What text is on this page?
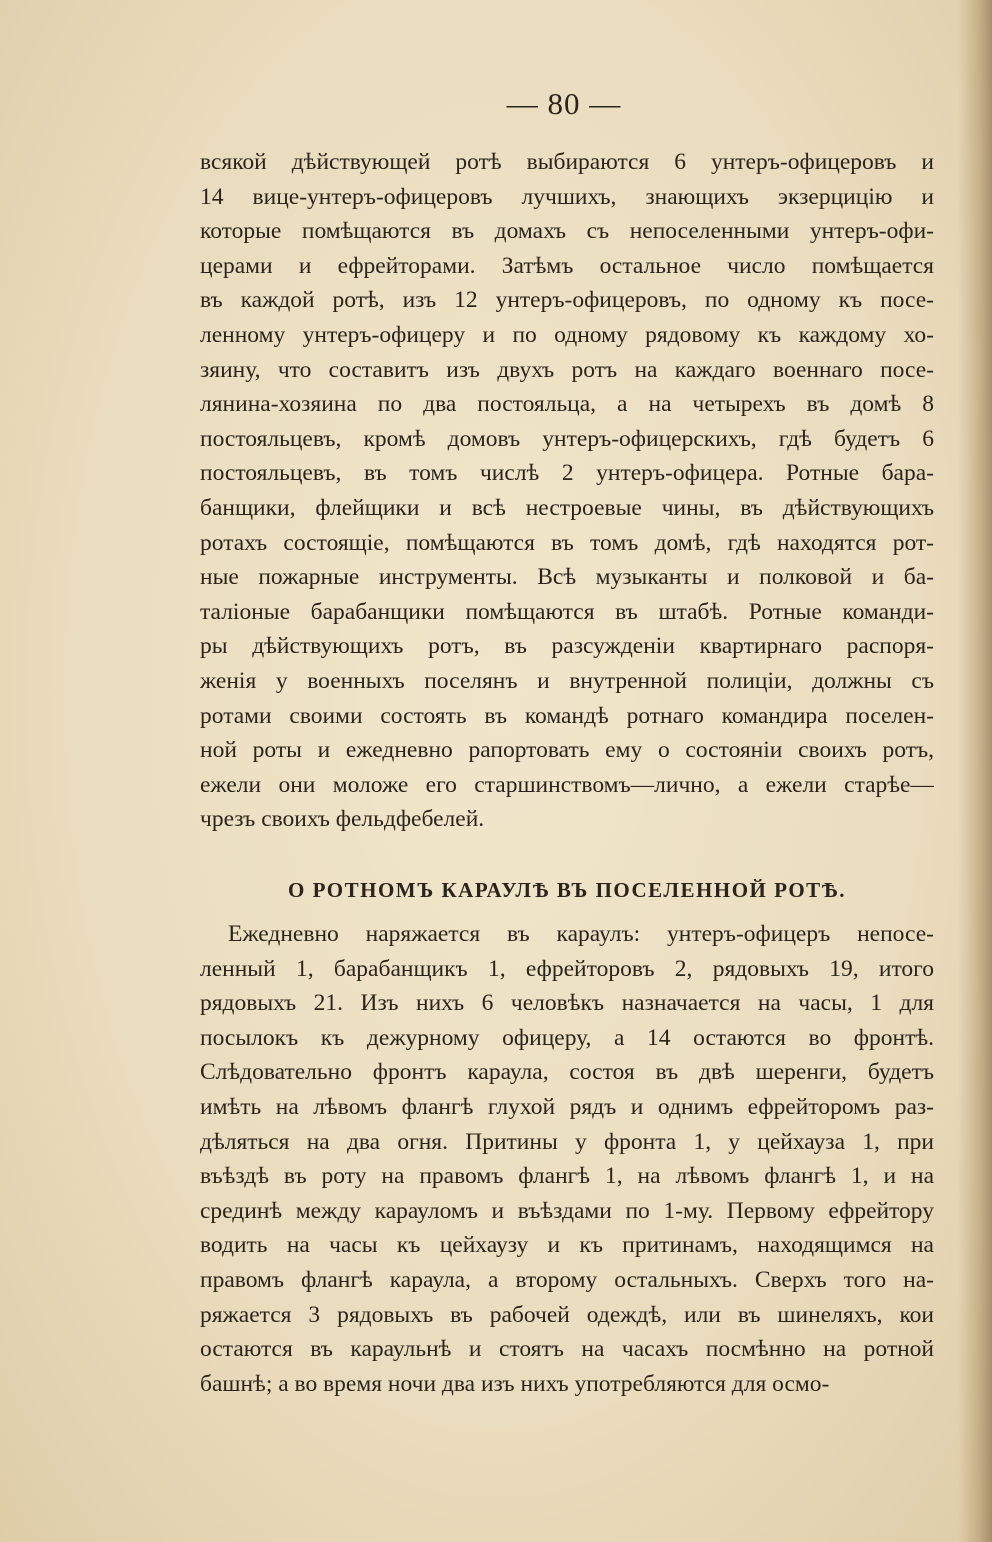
— 80 —
всякой дѣйствующей ротѣ выбираются 6 унтеръ-офицеровъ и
14 вице-унтеръ-офицеровъ лучшихъ, знающихъ экзерцицію и
которые помѣщаются въ домахъ съ непоселенными унтеръ-офи-
церами и ефрейторами. Затѣмъ остальное число помѣщается
въ каждой ротѣ, изъ 12 унтеръ-офицеровъ, по одному къ посе-
ленному унтеръ-офицеру и по одному рядовому къ каждому хо-
зяину, что составитъ изъ двухъ ротъ на каждаго военнаго посе-
лянина-хозяина по два постояльца, а на четырехъ въ домѣ 8
постояльцевъ, кромѣ домовъ унтеръ-офицерскихъ, гдѣ будетъ 6
постояльцевъ, въ томъ числѣ 2 унтеръ-офицера. Ротные бара-
банщики, флейщики и всѣ нестроевые чины, въ дѣйствующихъ
ротахъ состоящіе, помѣщаются въ томъ домѣ, гдѣ находятся рот-
ные пожарные инструменты. Всѣ музыканты и полковой и ба-
таліоные барабанщики помѣщаются въ штабѣ. Ротные команди-
ры дѣйствующихъ ротъ, въ разсужденіи квартирнаго распоря-
женія у военныхъ поселянъ и внутренной полиціи, должны съ
ротами своими состоять въ командѣ ротнаго командира поселен-
ной роты и ежедневно рапортовать ему о состояніи своихъ ротъ,
ежели они моложе его старшинствомъ—лично, а ежели старѣе—
чрезъ своихъ фельдфебелей.
О РОТНОМЪ КАРАУЛѢ ВЪ ПОСЕЛЕННОЙ РОТѢ.
Ежедневно наряжается въ караулъ: унтеръ-офицеръ непосе-
ленный 1, барабанщикъ 1, ефрейторовъ 2, рядовыхъ 19, итого
рядовыхъ 21. Изъ нихъ 6 человѣкъ назначается на часы, 1 для
посылокъ къ дежурному офицеру, а 14 остаются во фронтѣ.
Слѣдовательно фронтъ караула, состоя въ двѣ шеренги, будетъ
имѣть на лѣвомъ флангѣ глухой рядъ и однимъ ефрейторомъ раз-
дѣляться на два огня. Притины у фронта 1, у цейхауза 1, при
въѣздѣ въ роту на правомъ флангѣ 1, на лѣвомъ флангѣ 1, и на
срединѣ между карауломъ и въѣздами по 1-му. Первому ефрейтору
водить на часы къ цейхаузу и къ притинамъ, находящимся на
правомъ флангѣ караула, а второму остальныхъ. Сверхъ того на-
ряжается 3 рядовыхъ въ рабочей одеждѣ, или въ шинеляхъ, кои
остаются въ караульнѣ и стоятъ на часахъ посмѣнно на ротной
башнѣ; а во время ночи два изъ нихъ употребляются для осмо-
